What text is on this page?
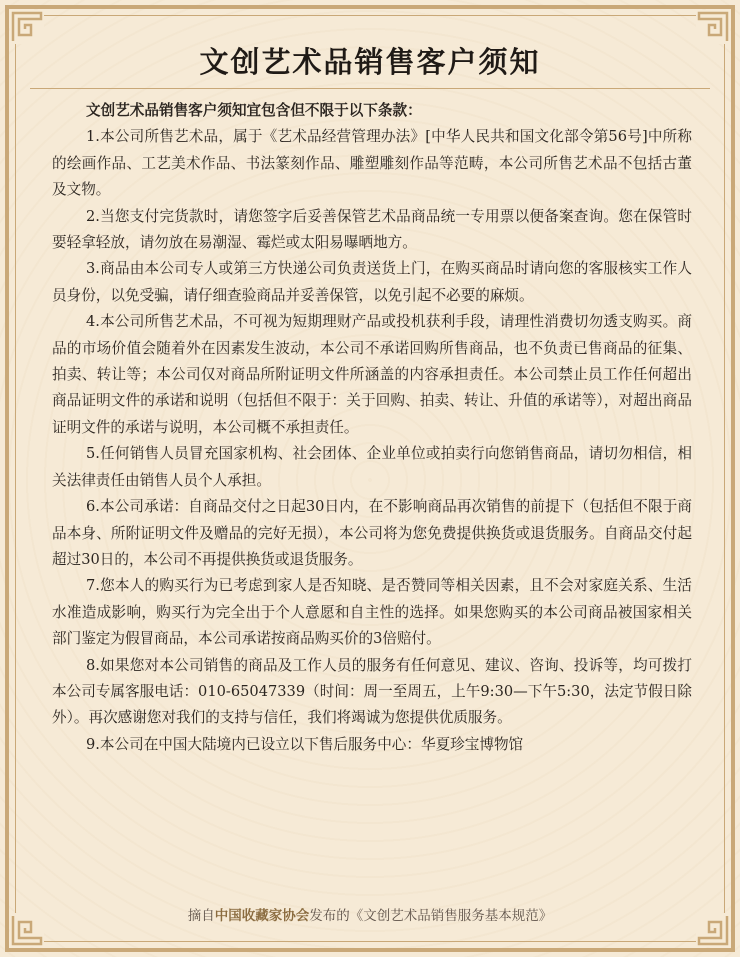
文创艺术品销售客户须知

文创艺术品销售客户须知宜包含但不限于以下条款：

1.本公司所售艺术品，属于《艺术品经营管理办法》[中华人民共和国文化部令第56号]中所称的绘画作品、工艺美术作品、书法篆刻作品、雕塑雕刻作品等范畴，本公司所售艺术品不包括古董及文物。

2.当您支付完货款时，请您签字后妥善保管艺术品商品统一专用票以便备案查询。您在保管时要轻拿轻放，请勿放在易潮湿、霉烂或太阳易曝晒地方。

3.商品由本公司专人或第三方快递公司负责送货上门，在购买商品时请向您的客服核实工作人员身份，以免受骗，请仔细查验商品并妥善保管，以免引起不必要的麻烦。

4.本公司所售艺术品，不可视为短期理财产品或投机获利手段，请理性消费切勿透支购买。商品的市场价值会随着外在因素发生波动，本公司不承诺回购所售商品，也不负责已售商品的征集、拍卖、转让等；本公司仅对商品所附证明文件所涵盖的内容承担责任。本公司禁止员工作任何超出商品证明文件的承诺和说明（包括但不限于：关于回购、拍卖、转让、升值的承诺等），对超出商品证明文件的承诺与说明，本公司概不承担责任。

5.任何销售人员冒充国家机构、社会团体、企业单位或拍卖行向您销售商品，请切勿相信，相关法律责任由销售人员个人承担。

6.本公司承诺：自商品交付之日起30日内，在不影响商品再次销售的前提下（包括但不限于商品本身、所附证明文件及赠品的完好无损），本公司将为您免费提供换货或退货服务。自商品交付起超过30日的，本公司不再提供换货或退货服务。

7.您本人的购买行为已考虑到家人是否知晓、是否赞同等相关因素，且不会对家庭关系、生活水准造成影响，购买行为完全出于个人意愿和自主性的选择。如果您购买的本公司商品被国家相关部门鉴定为假冒商品，本公司承诺按商品购买价的3倍赔付。

8.如果您对本公司销售的商品及工作人员的服务有任何意见、建议、咨询、投诉等，均可拨打本公司专属客服电话：010-65047339（时间：周一至周五，上午9:30—下午5:30，法定节假日除外）。再次感谢您对我们的支持与信任，我们将竭诚为您提供优质服务。

9.本公司在中国大陆境内已设立以下售后服务中心：华夏珍宝博物馆

摘自中国收藏家协会发布的《文创艺术品销售服务基本规范》
